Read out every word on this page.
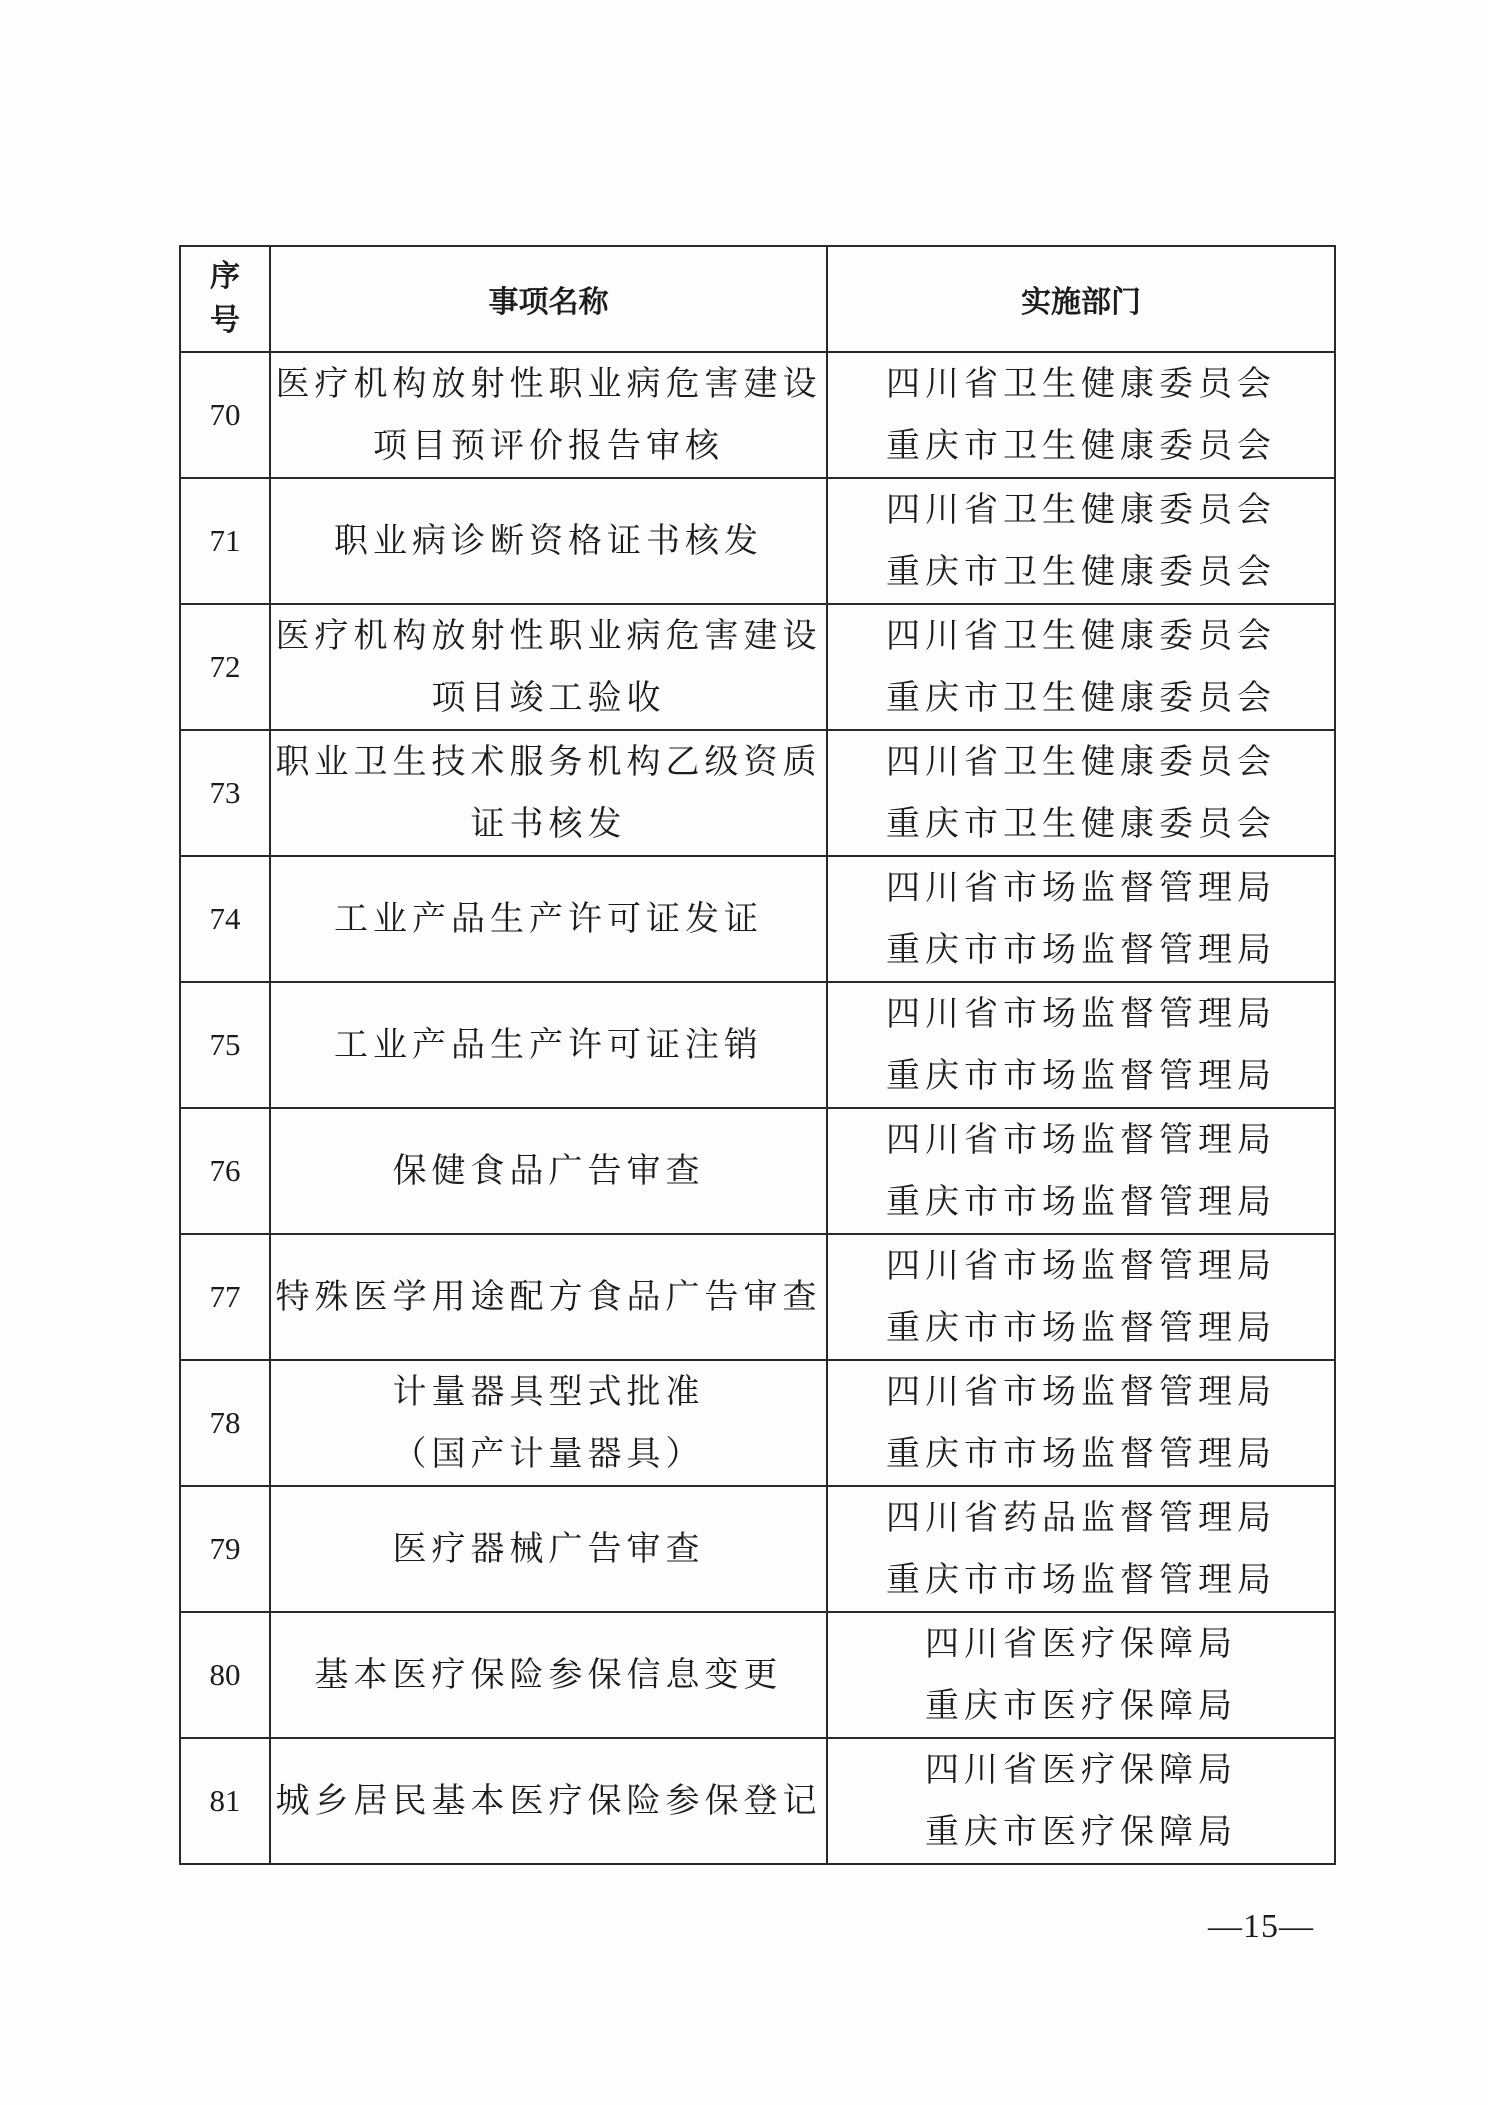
序
号	事项名称	实施部门
70	医疗机构放射性职业病危害建设
项目预评价报告审核	四川省卫生健康委员会
重庆市卫生健康委员会

71	职业病诊断资格证书核发	四川省卫生健康委员会
重庆市卫生健康委员会

72	医疗机构放射性职业病危害建设
项目竣工验收	四川省卫生健康委员会
重庆市卫生健康委员会

73	职业卫生技术服务机构乙级资质
证书核发	四川省卫生健康委员会
重庆市卫生健康委员会

74	工业产品生产许可证发证	四川省市场监督管理局
重庆市市场监督管理局

75	工业产品生产许可证注销	四川省市场监督管理局
重庆市市场监督管理局

76	保健食品广告审查	四川省市场监督管理局
重庆市市场监督管理局

77	特殊医学用途配方食品广告审查	四川省市场监督管理局
重庆市市场监督管理局

78	计量器具型式批准
（国产计量器具）	四川省市场监督管理局
重庆市市场监督管理局

79	医疗器械广告审查	四川省药品监督管理局
重庆市市场监督管理局

80	基本医疗保险参保信息变更	四川省医疗保障局
重庆市医疗保障局

81	城乡居民基本医疗保险参保登记	四川省医疗保障局
重庆市医疗保障局
—15—
